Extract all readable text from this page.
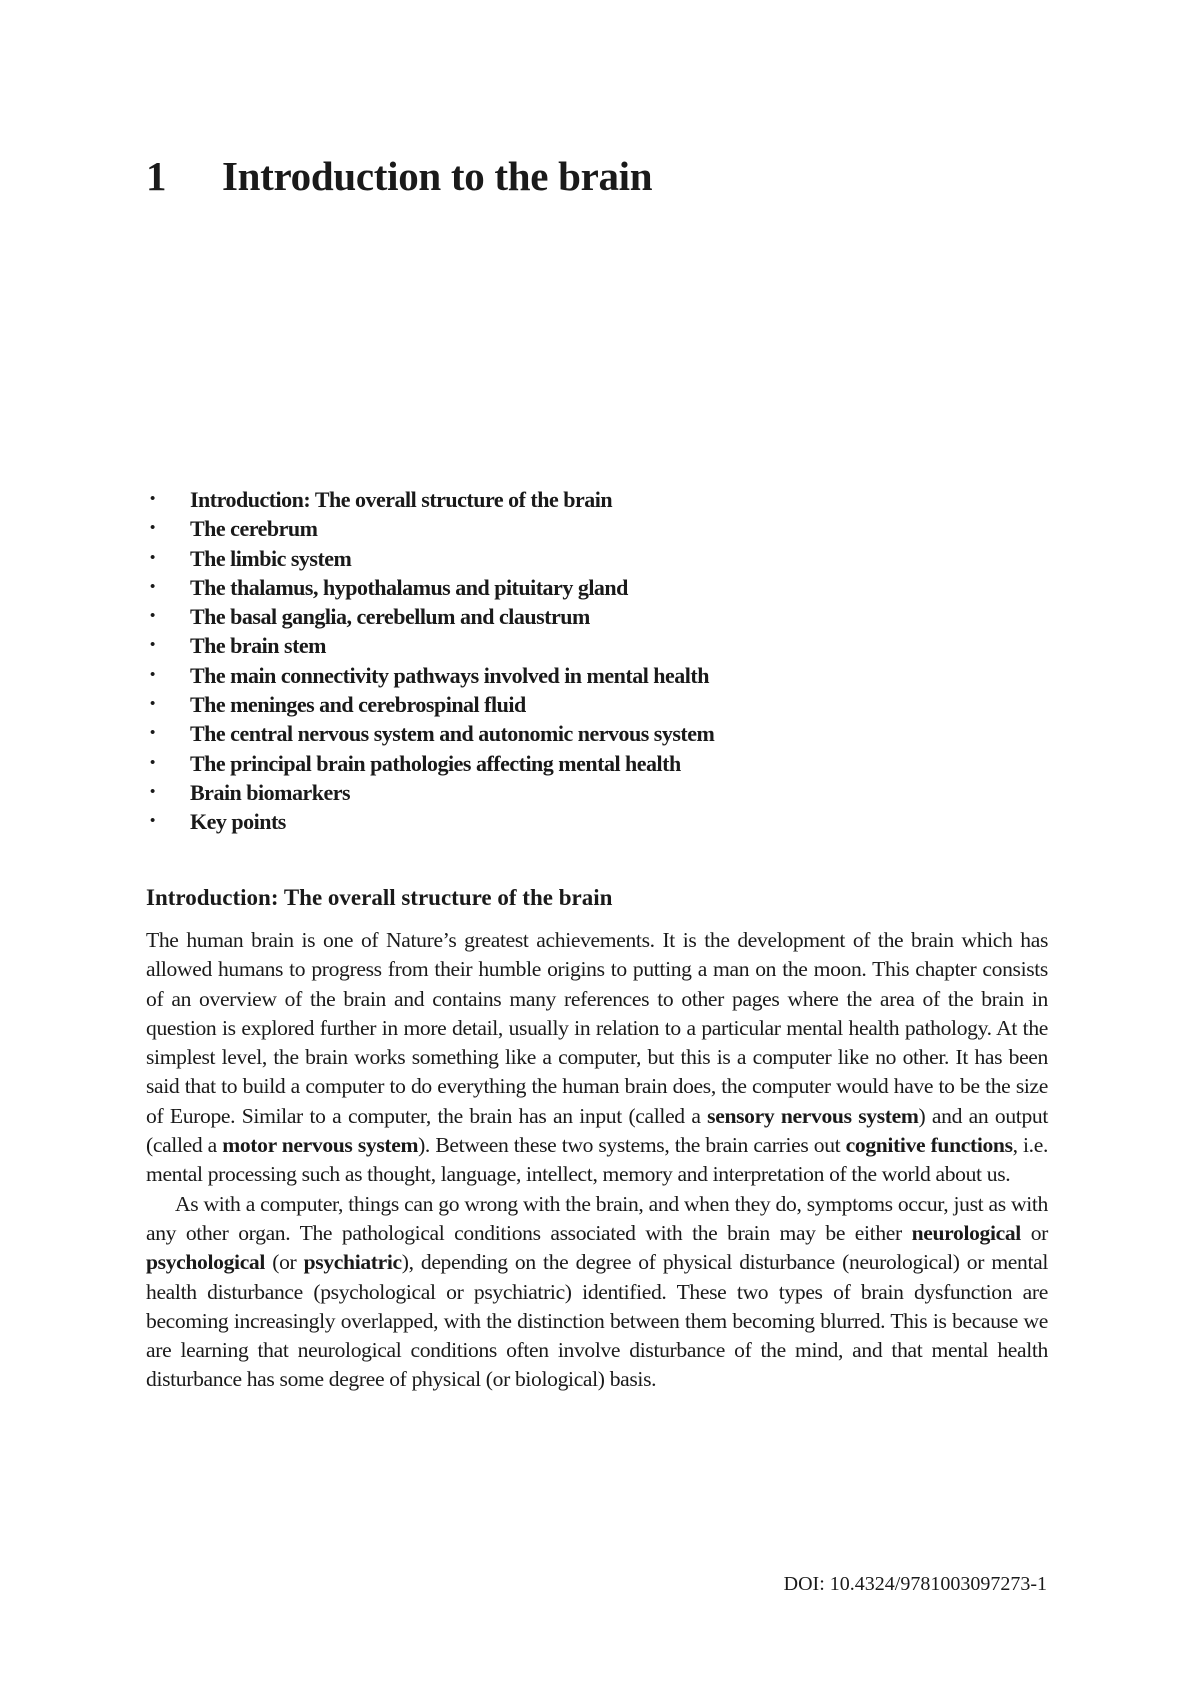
1 Introduction to the brain
• Introduction: The overall structure of the brain
• The cerebrum
• The limbic system
• The thalamus, hypothalamus and pituitary gland
• The basal ganglia, cerebellum and claustrum
• The brain stem
• The main connectivity pathways involved in mental health
• The meninges and cerebrospinal fluid
• The central nervous system and autonomic nervous system
• The principal brain pathologies affecting mental health
• Brain biomarkers
• Key points
Introduction: The overall structure of the brain

The human brain is one of Nature’s greatest achievements. It is the development of the brain which has allowed humans to progress from their humble origins to putting a man on the moon. This chapter consists of an overview of the brain and contains many references to other pages where the area of the brain in question is explored further in more detail, usually in relation to a particular mental health pathology. At the simplest level, the brain works something like a computer, but this is a computer like no other. It has been said that to build a computer to do everything the human brain does, the computer would have to be the size of Europe. Similar to a computer, the brain has an input (called a sensory nervous system) and an output (called a motor nervous system). Between these two systems, the brain carries out cognitive functions, i.e. mental processing such as thought, language, intellect, memory and interpretation of the world about us.

As with a computer, things can go wrong with the brain, and when they do, symptoms occur, just as with any other organ. The pathological conditions associated with the brain may be either neurological or psychological (or psychiatric), depending on the degree of physical disturbance (neurological) or mental health disturbance (psychological or psychiatric) identified. These two types of brain dysfunction are becoming increasingly overlapped, with the distinction between them becoming blurred. This is because we are learning that neurological conditions often involve disturbance of the mind, and that mental health disturbance has some degree of physical (or biological) basis.

DOI: 10.4324/9781003097273-1
